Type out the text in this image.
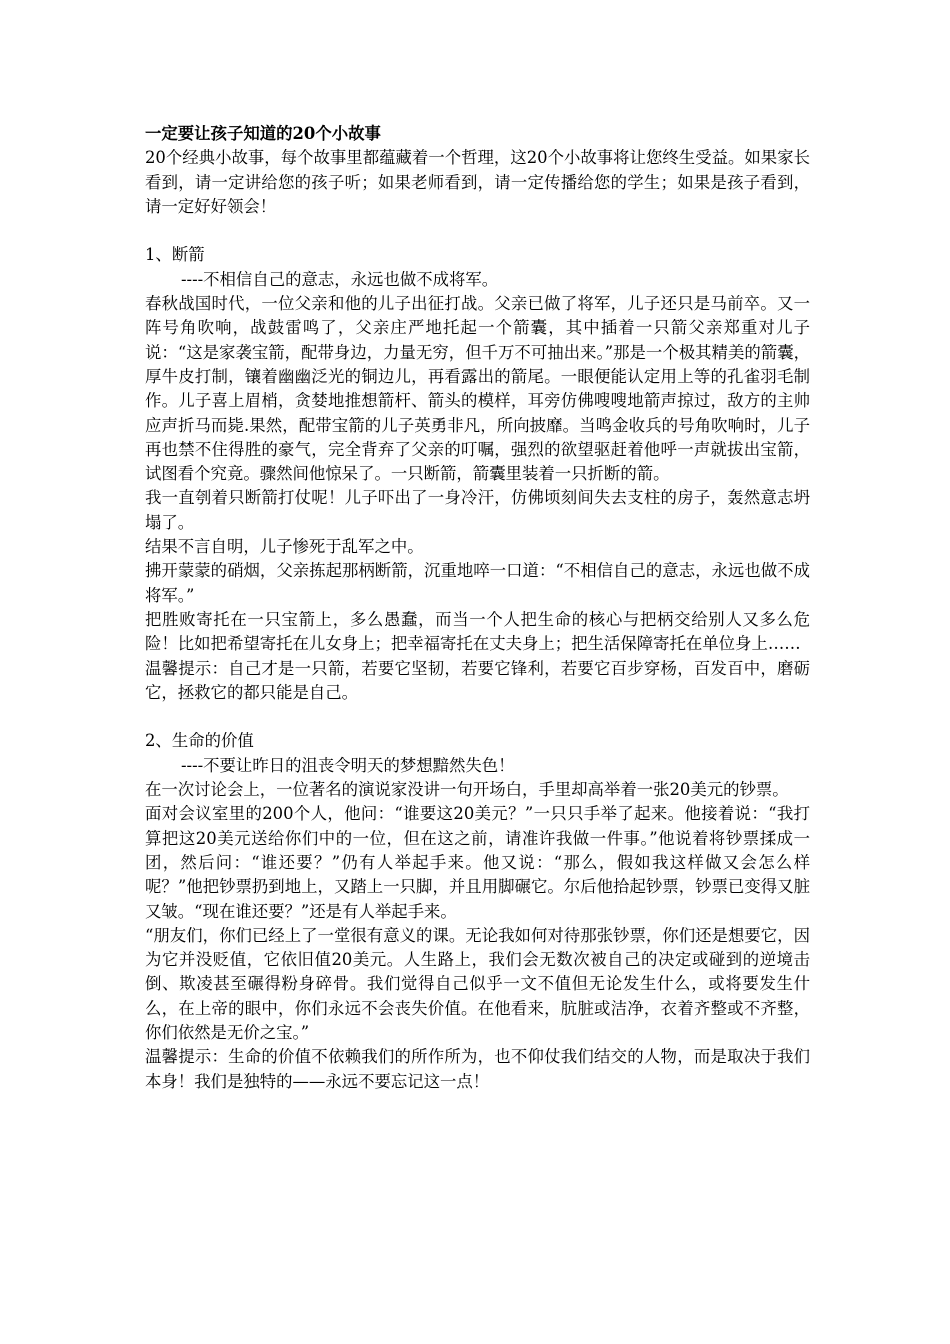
一定要让孩子知道的20个小故事

20个经典小故事，每个故事里都蕴藏着一个哲理，这20个小故事将让您终生受益。如果家长看到，请一定讲给您的孩子听；如果老师看到，请一定传播给您的学生；如果是孩子看到，请一定好好领会！

1、断箭

----不相信自己的意志，永远也做不成将军。

春秋战国时代，一位父亲和他的儿子出征打战。父亲已做了将军，儿子还只是马前卒。又一阵号角吹响，战鼓雷鸣了，父亲庄严地托起一个箭囊，其中插着一只箭父亲郑重对儿子说：“这是家袭宝箭，配带身边，力量无穷，但千万不可抽出来。”那是一个极其精美的箭囊，厚牛皮打制，镶着幽幽泛光的铜边儿，再看露出的箭尾。一眼便能认定用上等的孔雀羽毛制作。儿子喜上眉梢，贪婪地推想箭杆、箭头的模样，耳旁仿佛嗖嗖地箭声掠过，敌方的主帅应声折马而毙.果然，配带宝箭的儿子英勇非凡，所向披靡。当鸣金收兵的号角吹响时，儿子再也禁不住得胜的豪气，完全背弃了父亲的叮嘱，强烈的欲望驱赶着他呼一声就拔出宝箭，试图看个究竟。骤然间他惊呆了。一只断箭，箭囊里装着一只折断的箭。

我一直刳着只断箭打仗呢！儿子吓出了一身冷汗，仿佛顷刻间失去支柱的房子，轰然意志坍塌了。

结果不言自明，儿子惨死于乱军之中。

拂开蒙蒙的硝烟，父亲拣起那柄断箭，沉重地啐一口道：“不相信自己的意志，永远也做不成将军。”

把胜败寄托在一只宝箭上，多么愚蠢，而当一个人把生命的核心与把柄交给别人又多么危险！比如把希望寄托在儿女身上；把幸福寄托在丈夫身上；把生活保障寄托在单位身上……

温馨提示：自己才是一只箭，若要它坚韧，若要它锋利，若要它百步穿杨，百发百中，磨砺它，拯救它的都只能是自己。

2、生命的价值

----不要让昨日的沮丧令明天的梦想黯然失色！

在一次讨论会上，一位著名的演说家没讲一句开场白，手里却高举着一张20美元的钞票。

面对会议室里的200个人，他问：“谁要这20美元？”一只只手举了起来。他接着说：“我打算把这20美元送给你们中的一位，但在这之前，请准许我做一件事。”他说着将钞票揉成一团，然后问：“谁还要？”仍有人举起手来。他又说：“那么，假如我这样做又会怎么样呢？”他把钞票扔到地上，又踏上一只脚，并且用脚碾它。尔后他拾起钞票，钞票已变得又脏又皱。“现在谁还要？”还是有人举起手来。

“朋友们，你们已经上了一堂很有意义的课。无论我如何对待那张钞票，你们还是想要它，因为它并没贬值，它依旧值20美元。人生路上，我们会无数次被自己的决定或碰到的逆境击倒、欺凌甚至碾得粉身碎骨。我们觉得自己似乎一文不值但无论发生什么，或将要发生什么，在上帝的眼中，你们永远不会丧失价值。在他看来，肮脏或洁净，衣着齐整或不齐整，你们依然是无价之宝。”

温馨提示：生命的价值不依赖我们的所作所为，也不仰仗我们结交的人物，而是取决于我们本身！我们是独特的——永远不要忘记这一点！
